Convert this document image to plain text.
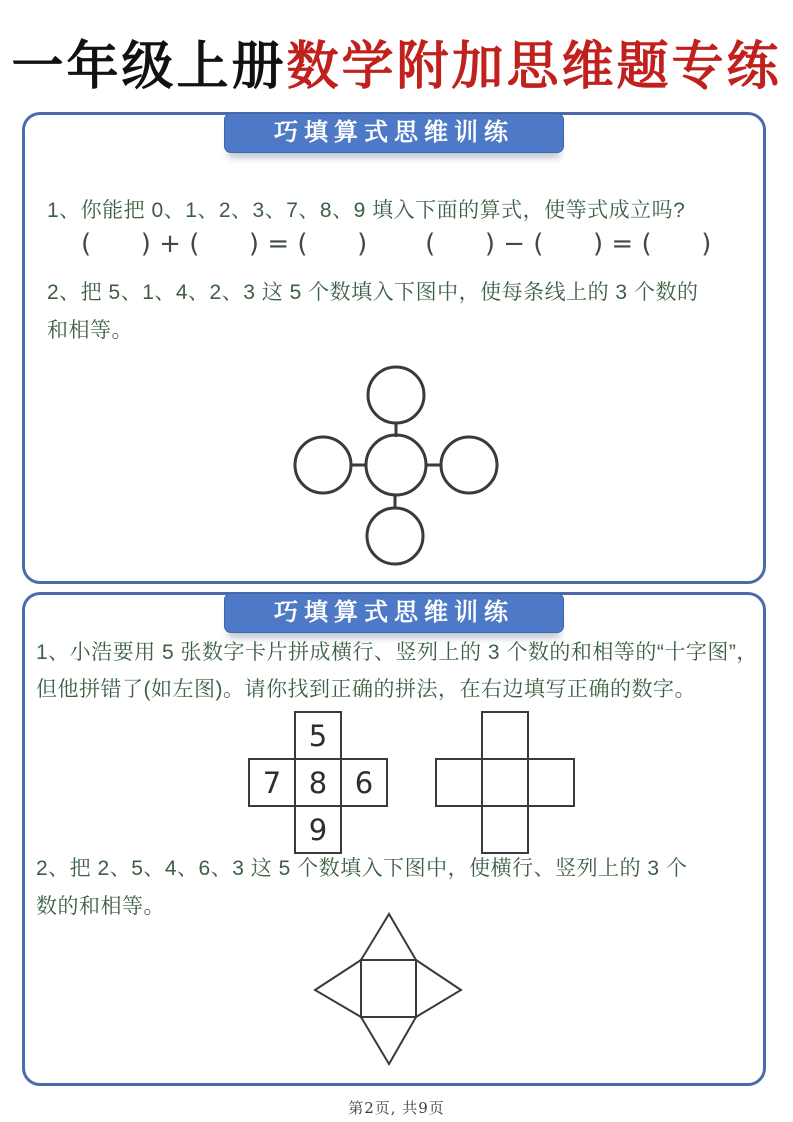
一年级上册数学附加思维题专练
巧填算式思维训练
1、你能把 0、1、2、3、7、8、9 填入下面的算式，使等式成立吗?
(      ) + (      ) = (      )       (      ) − (      ) = (      )
2、把 5、1、4、2、3 这 5 个数填入下图中，使每条线上的 3 个数的
和相等。
巧填算式思维训练
1、小浩要用 5 张数字卡片拼成横行、竖列上的 3 个数的和相等的“十字图”，
但他拼错了(如左图)。请你找到正确的拼法，在右边填写正确的数字。
	5	
7	8	6
	9	

2、把 2、5、4、6、3 这 5 个数填入下图中，使横行、竖列上的 3 个
数的和相等。
第2页, 共9页
